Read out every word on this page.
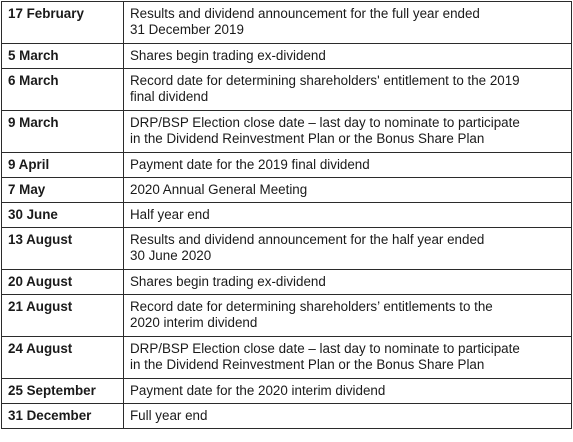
17 February	Results and dividend announcement for the full year ended
31 December 2019
5 March	Shares begin trading ex-dividend
6 March	Record date for determining shareholders' entitlement to the 2019
final dividend
9 March	DRP/BSP Election close date – last day to nominate to participate
in the Dividend Reinvestment Plan or the Bonus Share Plan
9 April	Payment date for the 2019 final dividend
7 May	2020 Annual General Meeting
30 June	Half year end
13 August	Results and dividend announcement for the half year ended
30 June 2020
20 August	Shares begin trading ex-dividend
21 August	Record date for determining shareholders’ entitlements to the
2020 interim dividend
24 August	DRP/BSP Election close date – last day to nominate to participate
in the Dividend Reinvestment Plan or the Bonus Share Plan
25 September	Payment date for the 2020 interim dividend
31 December	Full year end
